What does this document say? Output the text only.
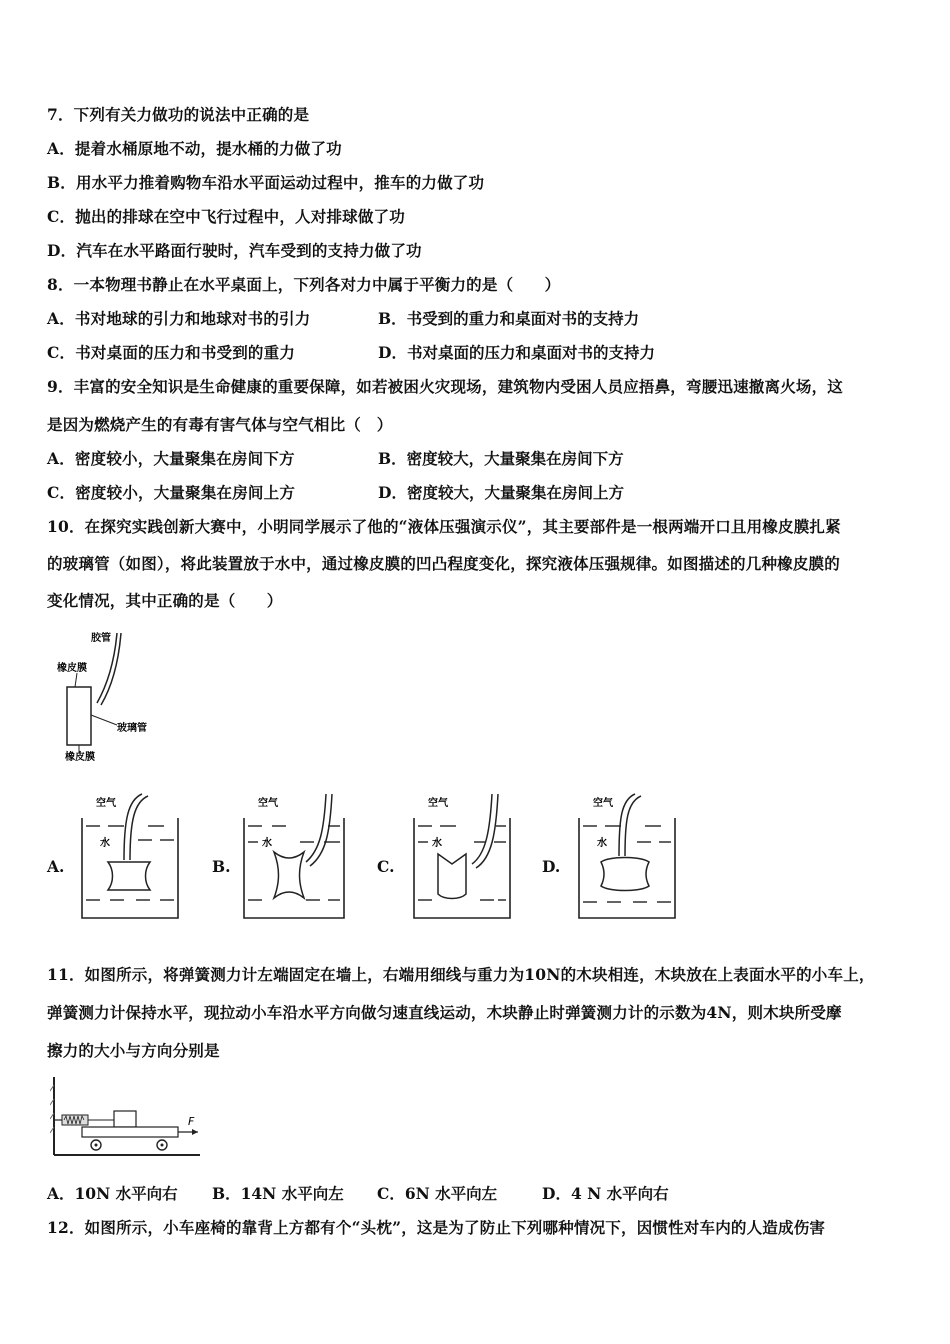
7．下列有关力做功的说法中正确的是
A．提着水桶原地不动，提水桶的力做了功
B．用水平力推着购物车沿水平面运动过程中，推车的力做了功
C．抛出的排球在空中飞行过程中，人对排球做了功
D．汽车在水平路面行驶时，汽车受到的支持力做了功
8．一本物理书静止在水平桌面上，下列各对力中属于平衡力的是（　　）
A．书对地球的引力和地球对书的引力	B．书受到的重力和桌面对书的支持力
C．书对桌面的压力和书受到的重力	D．书对桌面的压力和桌面对书的支持力
9．丰富的安全知识是生命健康的重要保障，如若被困火灾现场，建筑物内受困人员应捂鼻，弯腰迅速撤离火场，这
是因为燃烧产生的有毒有害气体与空气相比（　）
A．密度较小，大量聚集在房间下方	B．密度较大，大量聚集在房间下方
C．密度较小，大量聚集在房间上方	D．密度较大，大量聚集在房间上方
10．在探究实践创新大赛中，小明同学展示了他的“液体压强演示仪”，其主要部件是一根两端开口且用橡皮膜扎紧
的玻璃管（如图），将此装置放于水中，通过橡皮膜的凹凸程度变化，探究液体压强规律。如图描述的几种橡皮膜的
变化情况，其中正确的是（　　）
胶管
橡皮膜
玻璃管
橡皮膜
A.
空气
水
B.
空气
水
C.
空气
水
D.
空气
水
11．如图所示，将弹簧测力计左端固定在墙上，右端用细线与重力为10N的木块相连，木块放在上表面水平的小车上，
弹簧测力计保持水平，现拉动小车沿水平方向做匀速直线运动，木块静止时弹簧测力计的示数为4N，则木块所受摩
擦力的大小与方向分别是
F
A．10N 水平向右 B．14N 水平向左 C．6N 水平向左	D．4 N 水平向右
12．如图所示，小车座椅的靠背上方都有个“头枕”，这是为了防止下列哪种情况下，因惯性对车内的人造成伤害
